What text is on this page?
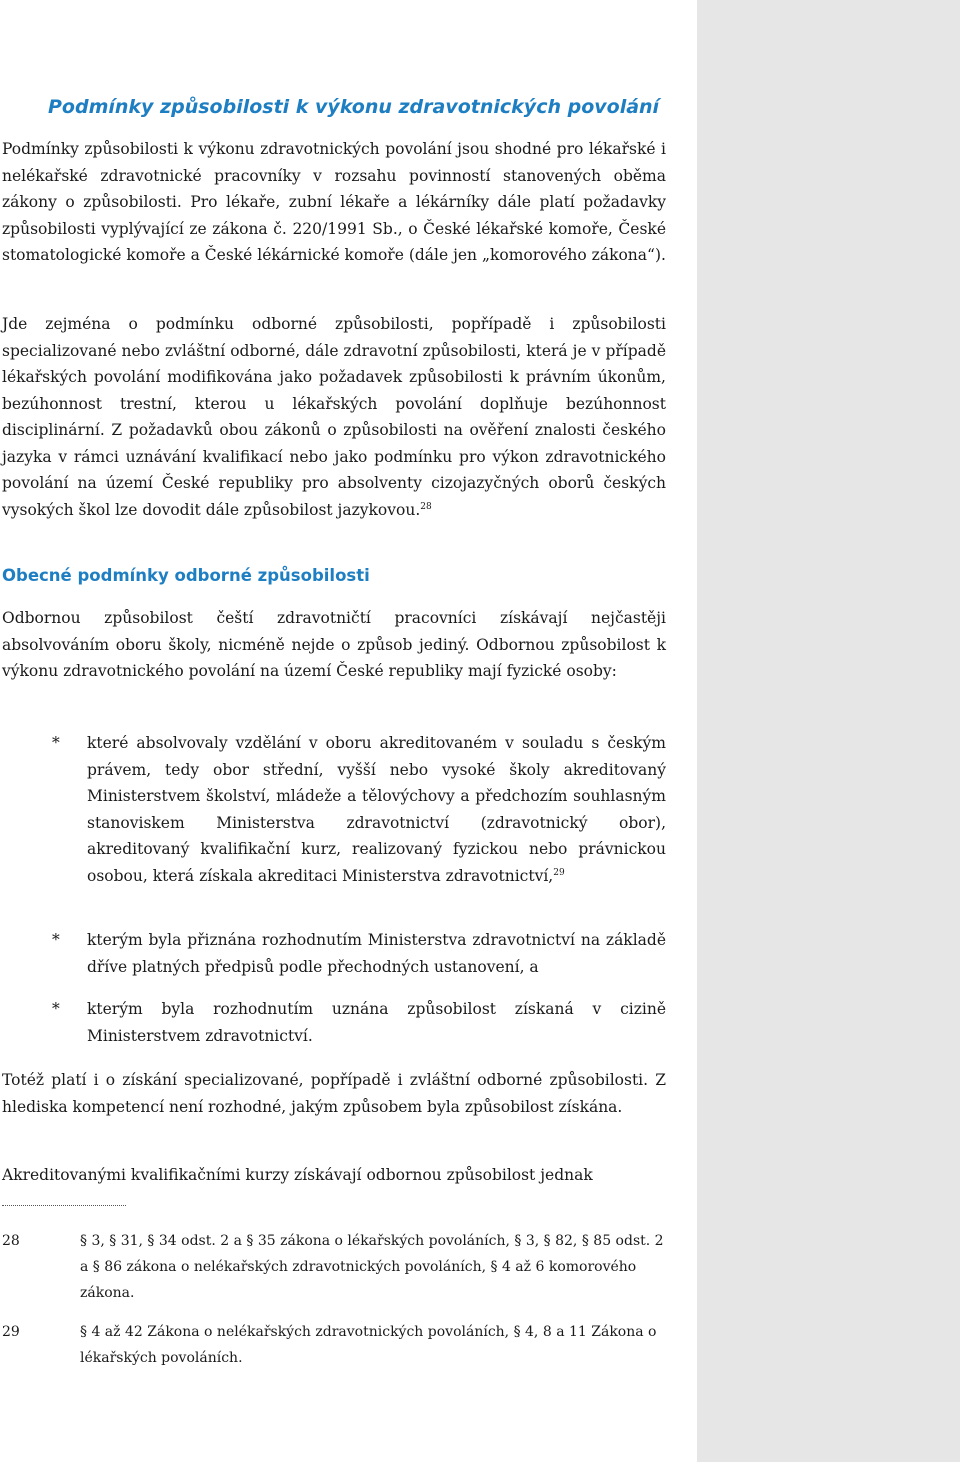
Podmínky způsobilosti k výkonu zdravotnických povolání

Podmínky způsobilosti k výkonu zdravotnických povolání jsou shodné pro lékařské i nelékařské zdravotnické pracovníky v rozsahu povinností stanovených oběma zákony o způsobilosti. Pro lékaře, zubní lékaře a lékárníky dále platí požadavky způsobilosti vyplývající ze zákona č. 220/1991 Sb., o České lékařské komoře, České stomatologické komoře a České lékárnické komoře (dále jen „komorového zákona“).

Jde zejména o podmínku odborné způsobilosti, popřípadě i způsobilosti specializované nebo zvláštní odborné, dále zdravotní způsobilosti, která je v případě lékařských povolání modifikována jako požadavek způsobilosti k právním úkonům, bezúhonnost trestní, kterou u lékařských povolání doplňuje bezúhonnost disciplinární. Z požadavků obou zákonů o způsobilosti na ověření znalosti českého jazyka v rámci uznávání kvalifikací nebo jako podmínku pro výkon zdravotnického povolání na území České republiky pro absolventy cizojazyčných oborů českých vysokých škol lze dovodit dále způsobilost jazykovou.$^{28}$

Obecné podmínky odborné způsobilosti

Odbornou způsobilost čeští zdravotničtí pracovníci získávají nejčastěji absolvováním oboru školy, nicméně nejde o způsob jediný. Odbornou způsobilost k výkonu zdravotnického povolání na území České republiky mají fyzické osoby:

* které absolvovaly vzdělání v oboru akreditovaném v souladu s českým právem, tedy obor střední, vyšší nebo vysoké školy akreditovaný Ministerstvem školství, mládeže a tělovýchovy a předchozím souhlasným stanoviskem Ministerstva zdravotnictví (zdravotnický obor), akreditovaný kvalifikační kurz, realizovaný fyzickou nebo právnickou osobou, která získala akreditaci Ministerstva zdravotnictví,$^{29}$
* kterým byla přiznána rozhodnutím Ministerstva zdravotnictví na základě dříve platných předpisů podle přechodných ustanovení, a
* kterým byla rozhodnutím uznána způsobilost získaná v cizině Ministerstvem zdravotnictví.

Totéž platí i o získání specializované, popřípadě i zvláštní odborné způsobilosti. Z hlediska kompetencí není rozhodné, jakým způsobem byla způsobilost získána.

Akreditovanými kvalifikačními kurzy získávají odbornou způsobilost jednak

28	§ 3, § 31, § 34 odst. 2 a § 35 zákona o lékařských povoláních, § 3, § 82, § 85 odst. 2 a § 86 zákona o nelékařských zdravotnických povoláních, § 4 až 6 komorového zákona.
29	§ 4 až 42 Zákona o nelékařských zdravotnických povoláních, § 4, 8 a 11 Zákona o lékařských povoláních.
